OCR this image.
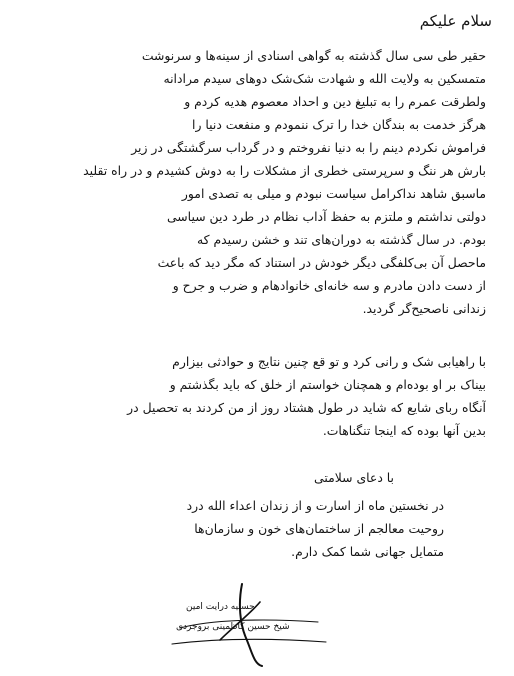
سلام علیکم
حقیر طی سی سال گذشته به گواهی اسنادی از سینه‌ها و سرنوشت
متمسکین به ولایت الله و شهادت شک‌شک دوهای سیدم مرادانه
ولطرقت عمرم را به تبلیغ دین و احداد معصوم هدیه کردم و
هرگز خدمت به بندگان خدا را ترک ننمودم و منفعت دنیا را
فراموش نکردم دینم را به دنیا نفروختم و در گرداب سرگشتگی در زیر
بارش هر ننگ و سرپرستی خطری از مشکلات را به دوش کشیدم و در راه تقلید
ماسبق شاهد نداکرامل سیاست نبودم و میلی به تصدی امور
دولتی نداشتم و ملتزم به حفظ آداب نظام در طرد دین سیاسی
بودم. در سال گذشته به دوران‌های تند و خشن رسیدم که
ماحصل آن بی‌کلفگی دیگر خودش در استناد که مگر دید که باعث
از دست دادن مادرم و سه خانه‌ای خانوادهام و ضرب و جرح و
زندانی ناصحیح‌گر گردید.
با راهیابی شک و رانی کرد و تو قع چنین نتایج و حوادثی بیزارم
بیناک بر او بوده‌ام و همچنان خواستم از خلق که باید بگذشتم و
آنگاه ربای شایع که شاید در طول هشتاد روز از من کردند به تحصیل در
بدین آنها بوده که اینجا تنگناهات.
با دعای سلامتی
در نخستین ماه از اسارت و از زندان اعداء الله درد
روحیت معالجم از ساختمان‌های خون و ساز‌مان‌ها
متمایل جهانی شما کمک دارم.
حسنیه درایت امین
شیخ حسین کاظمینی بروجردی
